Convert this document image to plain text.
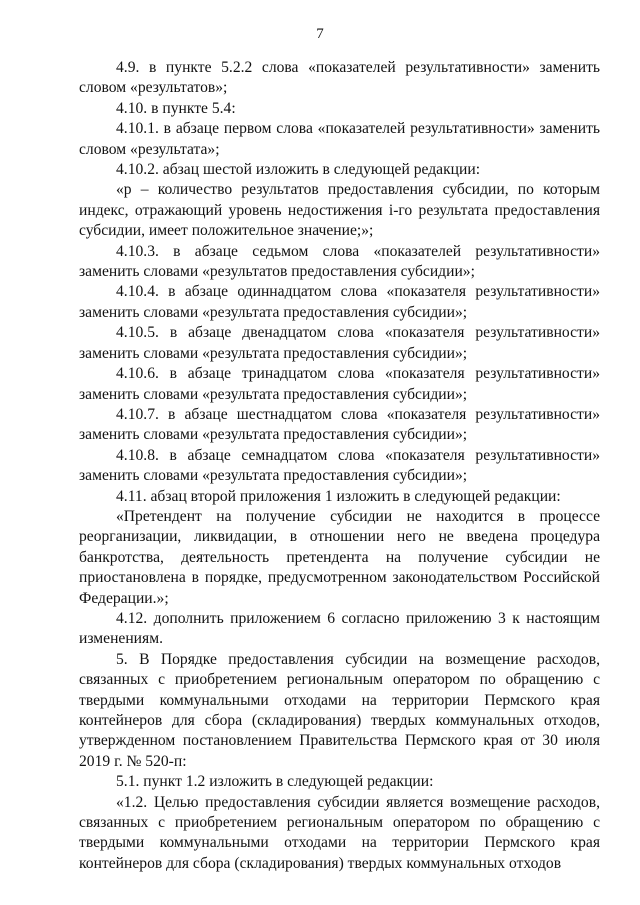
7

4.9. в пункте 5.2.2 слова «показателей результативности» заменить словом «результатов»;

4.10. в пункте 5.4:

4.10.1. в абзаце первом слова «показателей результативности» заменить словом «результата»;

4.10.2. абзац шестой изложить в следующей редакции:

«р – количество результатов предоставления субсидии, по которым индекс, отражающий уровень недостижения i-го результата предоставления субсидии, имеет положительное значение;»;

4.10.3. в абзаце седьмом слова «показателей результативности» заменить словами «результатов предоставления субсидии»;

4.10.4. в абзаце одиннадцатом слова «показателя результативности» заменить словами «результата предоставления субсидии»;

4.10.5. в абзаце двенадцатом слова «показателя результативности» заменить словами «результата предоставления субсидии»;

4.10.6. в абзаце тринадцатом слова «показателя результативности» заменить словами «результата предоставления субсидии»;

4.10.7. в абзаце шестнадцатом слова «показателя результативности» заменить словами «результата предоставления субсидии»;

4.10.8. в абзаце семнадцатом слова «показателя результативности» заменить словами «результата предоставления субсидии»;

4.11. абзац второй приложения 1 изложить в следующей редакции:

«Претендент на получение субсидии не находится в процессе реорганизации, ликвидации, в отношении него не введена процедура банкротства, деятельность претендента на получение субсидии не приостановлена в порядке, предусмотренном законодательством Российской Федерации.»;

4.12. дополнить приложением 6 согласно приложению 3 к настоящим изменениям.

5. В Порядке предоставления субсидии на возмещение расходов, связанных с приобретением региональным оператором по обращению с твердыми коммунальными отходами на территории Пермского края контейнеров для сбора (складирования) твердых коммунальных отходов, утвержденном постановлением Правительства Пермского края от 30 июля 2019 г. № 520-п:

5.1. пункт 1.2 изложить в следующей редакции:

«1.2. Целью предоставления субсидии является возмещение расходов, связанных с приобретением региональным оператором по обращению с твердыми коммунальными отходами на территории Пермского края контейнеров для сбора (складирования) твердых коммунальных отходов
